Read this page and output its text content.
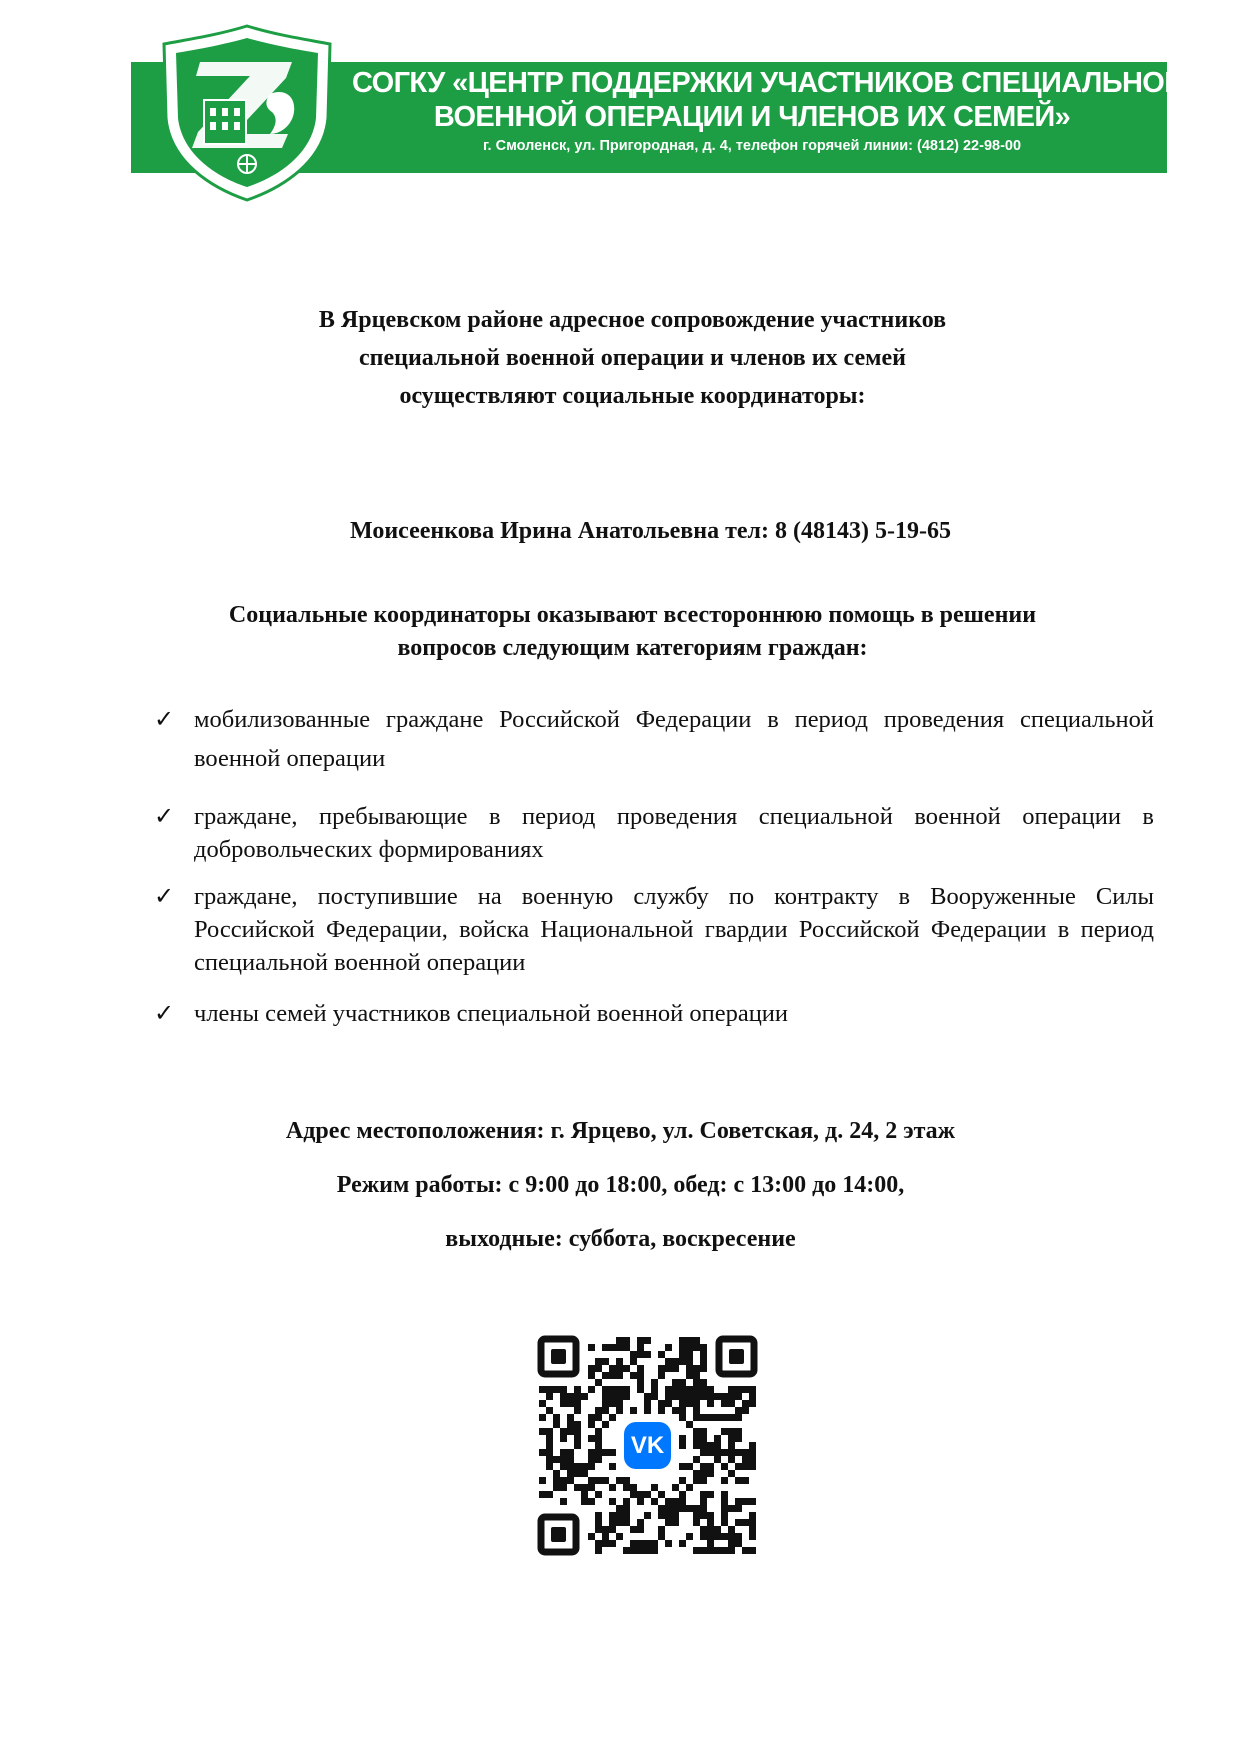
СОГКУ «ЦЕНТР ПОДДЕРЖКИ УЧАСТНИКОВ СПЕЦИАЛЬНОЙ
ВОЕННОЙ ОПЕРАЦИИ И ЧЛЕНОВ ИХ СЕМЕЙ»
г. Смоленск, ул. Пригородная, д. 4, телефон горячей линии: (4812) 22-98-00
В Ярцевском районе адресное сопровождение участников
специальной военной операции и членов их семей
осуществляют социальные координаторы:
Моисеенкова Ирина Анатольевна тел: 8 (48143) 5-19-65
Социальные координаторы оказывают всестороннюю помощь в решении
вопросов следующим категориям граждан:
✓ мобилизованные граждане Российской Федерации в период проведения специальной военной операции
✓ граждане, пребывающие в период проведения специальной военной операции в добровольческих формированиях
✓ граждане, поступившие на военную службу по контракту в Вооруженные Силы Российской Федерации, войска Национальной гвардии Российской Федерации в период специальной военной операции
✓ члены семей участников специальной военной операции
Адрес местоположения: г. Ярцево, ул. Советская, д. 24, 2 этаж
Режим работы: с 9:00 до 18:00, обед: с 13:00 до 14:00,
выходные: суббота, воскресение
VK
